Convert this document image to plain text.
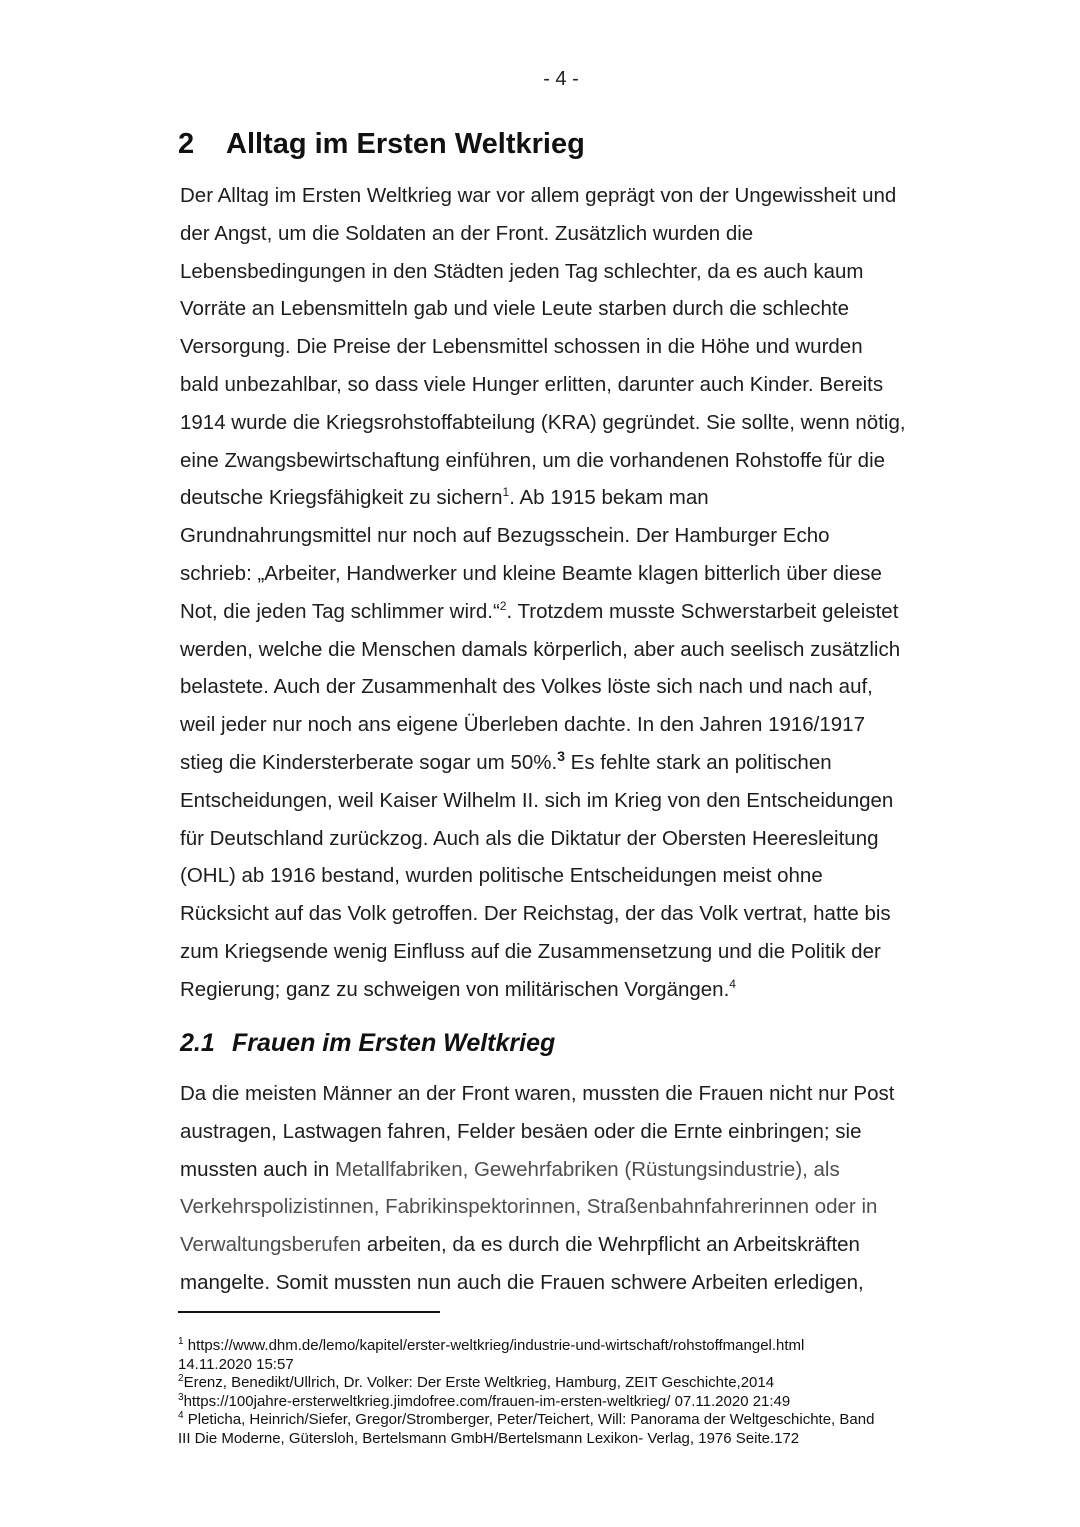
- 4 -
2 Alltag im Ersten Weltkrieg
Der Alltag im Ersten Weltkrieg war vor allem geprägt von der Ungewissheit und
der Angst, um die Soldaten an der Front. Zusätzlich wurden die
Lebensbedingungen in den Städten jeden Tag schlechter, da es auch kaum
Vorräte an Lebensmitteln gab und viele Leute starben durch die schlechte
Versorgung. Die Preise der Lebensmittel schossen in die Höhe und wurden
bald unbezahlbar, so dass viele Hunger erlitten, darunter auch Kinder. Bereits
1914 wurde die Kriegsrohstoffabteilung (KRA) gegründet. Sie sollte, wenn nötig,
eine Zwangsbewirtschaftung einführen, um die vorhandenen Rohstoffe für die
deutsche Kriegsfähigkeit zu sichern$^1$. Ab 1915 bekam man
Grundnahrungsmittel nur noch auf Bezugsschein. Der Hamburger Echo
schrieb: „Arbeiter, Handwerker und kleine Beamte klagen bitterlich über diese
Not, die jeden Tag schlimmer wird.“$^2$. Trotzdem musste Schwerstarbeit geleistet
werden, welche die Menschen damals körperlich, aber auch seelisch zusätzlich
belastete. Auch der Zusammenhalt des Volkes löste sich nach und nach auf,
weil jeder nur noch ans eigene Überleben dachte. In den Jahren 1916/1917
stieg die Kindersterberate sogar um 50%.$^3$ Es fehlte stark an politischen
Entscheidungen, weil Kaiser Wilhelm II. sich im Krieg von den Entscheidungen
für Deutschland zurückzog. Auch als die Diktatur der Obersten Heeresleitung
(OHL) ab 1916 bestand, wurden politische Entscheidungen meist ohne
Rücksicht auf das Volk getroffen. Der Reichstag, der das Volk vertrat, hatte bis
zum Kriegsende wenig Einfluss auf die Zusammensetzung und die Politik der
Regierung; ganz zu schweigen von militärischen Vorgängen.$^4$
2.1 Frauen im Ersten Weltkrieg
Da die meisten Männer an der Front waren, mussten die Frauen nicht nur Post
austragen, Lastwagen fahren, Felder besäen oder die Ernte einbringen; sie
mussten auch in Metallfabriken, Gewehrfabriken (Rüstungsindustrie), als
Verkehrspolizistinnen, Fabrikinspektorinnen, Straßenbahnfahrerinnen oder in
Verwaltungsberufen arbeiten, da es durch die Wehrpflicht an Arbeitskräften
mangelte. Somit mussten nun auch die Frauen schwere Arbeiten erledigen,
$^1$ https://www.dhm.de/lemo/kapitel/erster-weltkrieg/industrie-und-wirtschaft/rohstoffmangel.html
14.11.2020 15:57
$^2$Erenz, Benedikt/Ullrich, Dr. Volker: Der Erste Weltkrieg, Hamburg, ZEIT Geschichte,2014
$^3$https://100jahre-ersterweltkrieg.jimdofree.com/frauen-im-ersten-weltkrieg/ 07.11.2020 21:49
$^4$ Pleticha, Heinrich/Siefer, Gregor/Stromberger, Peter/Teichert, Will: Panorama der Weltgeschichte, Band
III Die Moderne, Gütersloh, Bertelsmann GmbH/Bertelsmann Lexikon- Verlag, 1976 Seite.172
